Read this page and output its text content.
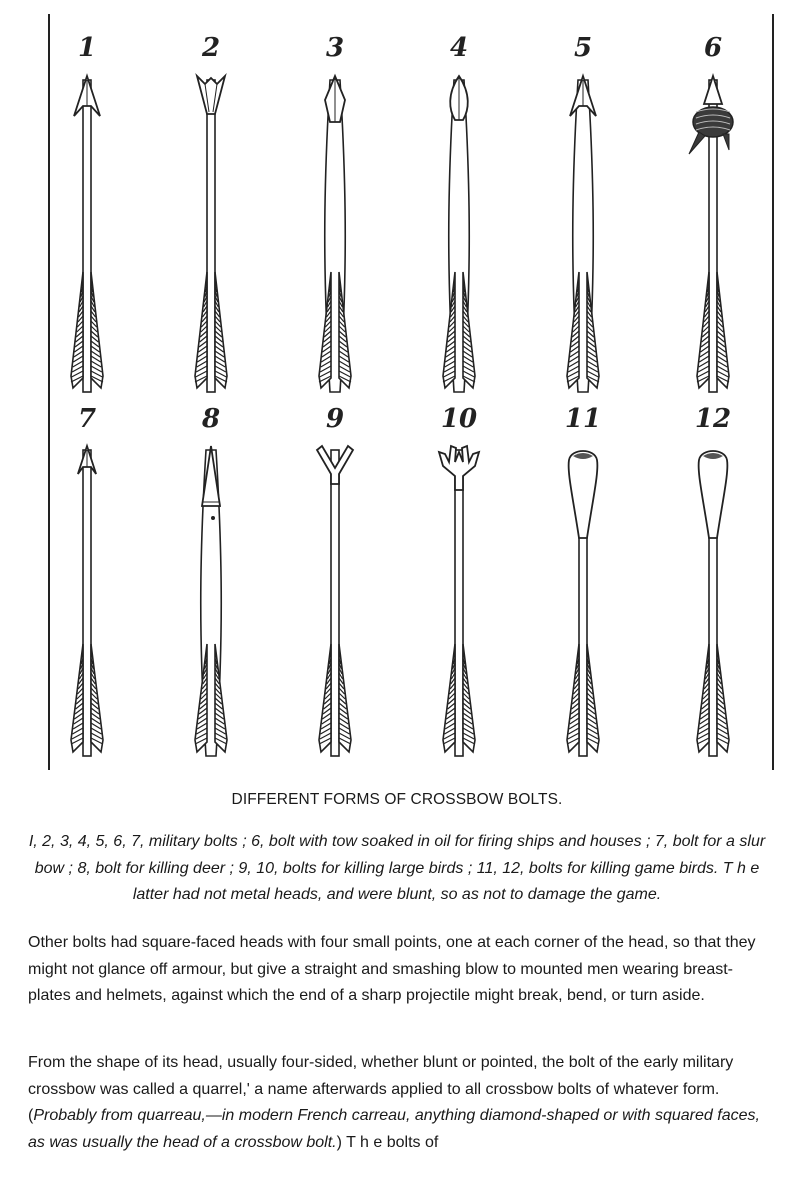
1	2	3	4	5	6
7	8	9	10	11	12
DIFFERENT FORMS OF CROSSBOW BOLTS.

I, 2, 3, 4, 5, 6, 7, military bolts ; 6, bolt with tow soaked in oil for firing ships and houses ; 7, bolt for a slur bow ; 8, bolt for killing deer ; 9, 10, bolts for killing large birds ; 11, 12, bolts for killing game birds. T h e latter had not metal heads, and were blunt, so as not to damage the game.

Other bolts had square-faced heads with four small points, one at each corner of the head, so that they might not glance off armour, but give a straight and smashing blow to mounted men wearing breast-plates and helmets, against which the end of a sharp projectile might break, bend, or turn aside.

From the shape of its head, usually four-sided, whether blunt or pointed, the bolt of the early military crossbow was called a quarrel,' a name afterwards applied to all crossbow bolts of whatever form. (Probably from quarreau,—in modern French carreau, anything diamond-shaped or with squared faces, as was usually the head of a crossbow bolt.) T h e bolts of
